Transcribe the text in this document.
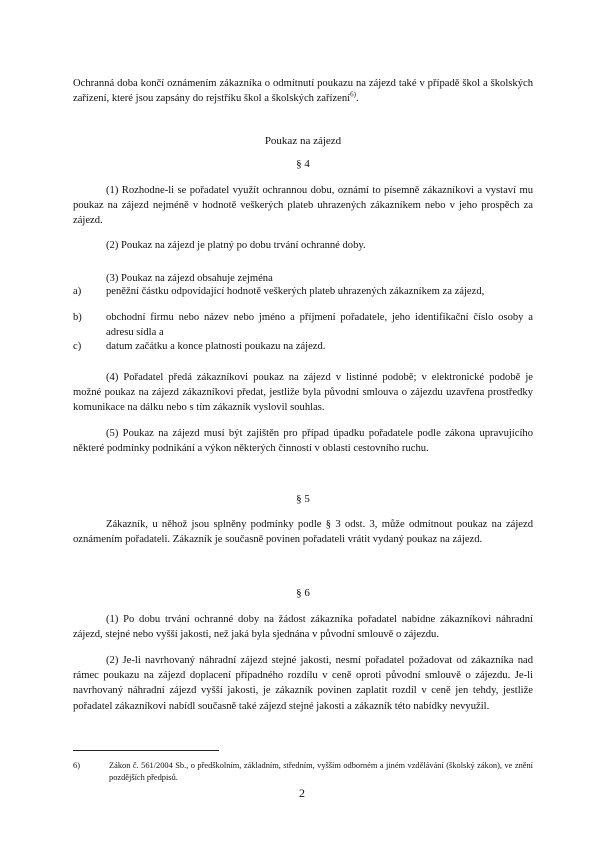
Ochranná doba končí oznámením zákazníka o odmítnutí poukazu na zájezd také v případě škol a školských zařízení, které jsou zapsány do rejstříku škol a školských zařízení$^{6)}$.
Poukaz na zájezd
§ 4
(1) Rozhodne-li se pořadatel využít ochrannou dobu, oznámí to písemně zákazníkovi a vystaví mu poukaz na zájezd nejméně v hodnotě veškerých plateb uhrazených zákazníkem nebo v jeho prospěch za zájezd.
(2) Poukaz na zájezd je platný po dobu trvání ochranné doby.
(3) Poukaz na zájezd obsahuje zejména
a) peněžní částku odpovídající hodnotě veškerých plateb uhrazených zákazníkem za zájezd,
b) obchodní firmu nebo název nebo jméno a příjmení pořadatele, jeho identifikační číslo osoby a adresu sídla a
c) datum začátku a konce platnosti poukazu na zájezd.
(4) Pořadatel předá zákazníkovi poukaz na zájezd v listinné podobě; v elektronické podobě je možné poukaz na zájezd zákazníkovi předat, jestliže byla původní smlouva o zájezdu uzavřena prostředky komunikace na dálku nebo s tím zákazník vyslovil souhlas.
(5) Poukaz na zájezd musí být zajištěn pro případ úpadku pořadatele podle zákona upravujícího některé podmínky podnikání a výkon některých činností v oblasti cestovního ruchu.
§ 5
Zákazník, u něhož jsou splněny podmínky podle § 3 odst. 3, může odmítnout poukaz na zájezd oznámením pořadateli. Zákazník je současně povinen pořadateli vrátit vydaný poukaz na zájezd.
§ 6
(1) Po dobu trvání ochranné doby na žádost zákazníka pořadatel nabídne zákazníkovi náhradní zájezd, stejné nebo vyšší jakosti, než jaká byla sjednána v původní smlouvě o zájezdu.
(2) Je-li navrhovaný náhradní zájezd stejné jakosti, nesmí pořadatel požadovat od zákazníka nad rámec poukazu na zájezd doplacení případného rozdílu v ceně oproti původní smlouvě o zájezdu. Je-li navrhovaný náhradní zájezd vyšší jakosti, je zákazník povinen zaplatit rozdíl v ceně jen tehdy, jestliže pořadatel zákazníkovi nabídl současně také zájezd stejné jakosti a zákazník této nabídky nevyužil.
6)	Zákon č. 561/2004 Sb., o předškolním, základním, středním, vyšším odborném a jiném vzdělávání (školský zákon), ve znění pozdějších předpisů.
2
